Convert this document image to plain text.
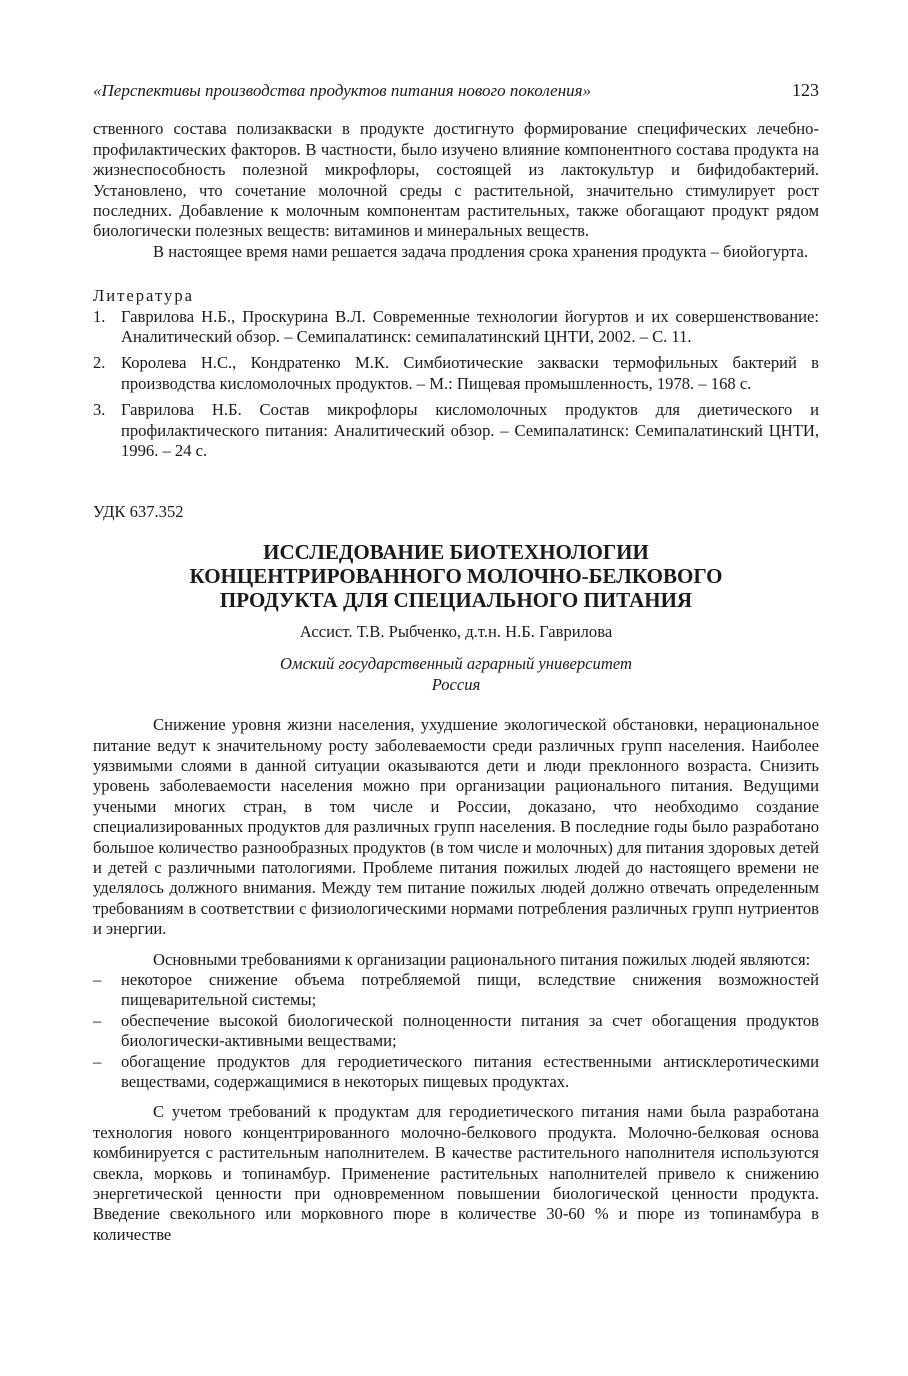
«Перспективы производства продуктов питания нового поколения»	123

ственного состава полизакваски в продукте достигнуто формирование специфических лечебно-профилактических факторов. В частности, было изучено влияние компонентного состава продукта на жизнеспособность полезной микрофлоры, состоящей из лактокультур и бифидобактерий. Установлено, что сочетание молочной среды с растительной, значительно стимулирует рост последних. Добавление к молочным компонентам растительных, также обогащают продукт рядом биологически полезных веществ: витаминов и минеральных веществ.

В настоящее время нами решается задача продления срока хранения продукта – биойогурта.

Литература
1. Гаврилова Н.Б., Проскурина В.Л. Современные технологии йогуртов и их совершенствование: Аналитический обзор. – Семипалатинск: семипалатинский ЦНТИ, 2002. – С. 11.
2. Королева Н.С., Кондратенко М.К. Симбиотические закваски термофильных бактерий в производства кисломолочных продуктов. – М.: Пищевая промышленность, 1978. – 168 с.
3. Гаврилова Н.Б. Состав микрофлоры кисломолочных продуктов для диетического и профилактического питания: Аналитический обзор. – Семипалатинск: Семипалатинский ЦНТИ, 1996. – 24 с.
УДК 637.352
ИССЛЕДОВАНИЕ БИОТЕХНОЛОГИИ
КОНЦЕНТРИРОВАННОГО МОЛОЧНО-БЕЛКОВОГО
ПРОДУКТА ДЛЯ СПЕЦИАЛЬНОГО ПИТАНИЯ
Ассист. Т.В. Рыбченко, д.т.н. Н.Б. Гаврилова
Омский государственный аграрный университет
Россия

Снижение уровня жизни населения, ухудшение экологической обстановки, нерациональное питание ведут к значительному росту заболеваемости среди различных групп населения. Наиболее уязвимыми слоями в данной ситуации оказываются дети и люди преклонного возраста. Снизить уровень заболеваемости населения можно при организации рационального питания. Ведущими учеными многих стран, в том числе и России, доказано, что необходимо создание специализированных продуктов для различных групп населения. В последние годы было разработано большое количество разнообразных продуктов (в том числе и молочных) для питания здоровых детей и детей с различными патологиями. Проблеме питания пожилых людей до настоящего времени не уделялось должного внимания. Между тем питание пожилых людей должно отвечать определенным требованиям в соответствии с физиологическими нормами потребления различных групп нутриентов и энергии.

Основными требованиями к организации рационального питания пожилых людей являются:

–	некоторое снижение объема потребляемой пищи, вследствие снижения возможностей пищеварительной системы;
–	обеспечение высокой биологической полноценности питания за счет обогащения продуктов биологически-активными веществами;
–	обогащение продуктов для геродиетического питания естественными антисклеротическими веществами, содержащимися в некоторых пищевых продуктах.

С учетом требований к продуктам для геродиетического питания нами была разработана технология нового концентрированного молочно-белкового продукта. Молочно-белковая основа комбинируется с растительным наполнителем. В качестве растительного наполнителя используются свекла, морковь и топинамбур. Применение растительных наполнителей привело к снижению энергетической ценности при одновременном повышении биологической ценности продукта. Введение свекольного или морковного пюре в количестве 30-60 % и пюре из топинамбура в количестве
